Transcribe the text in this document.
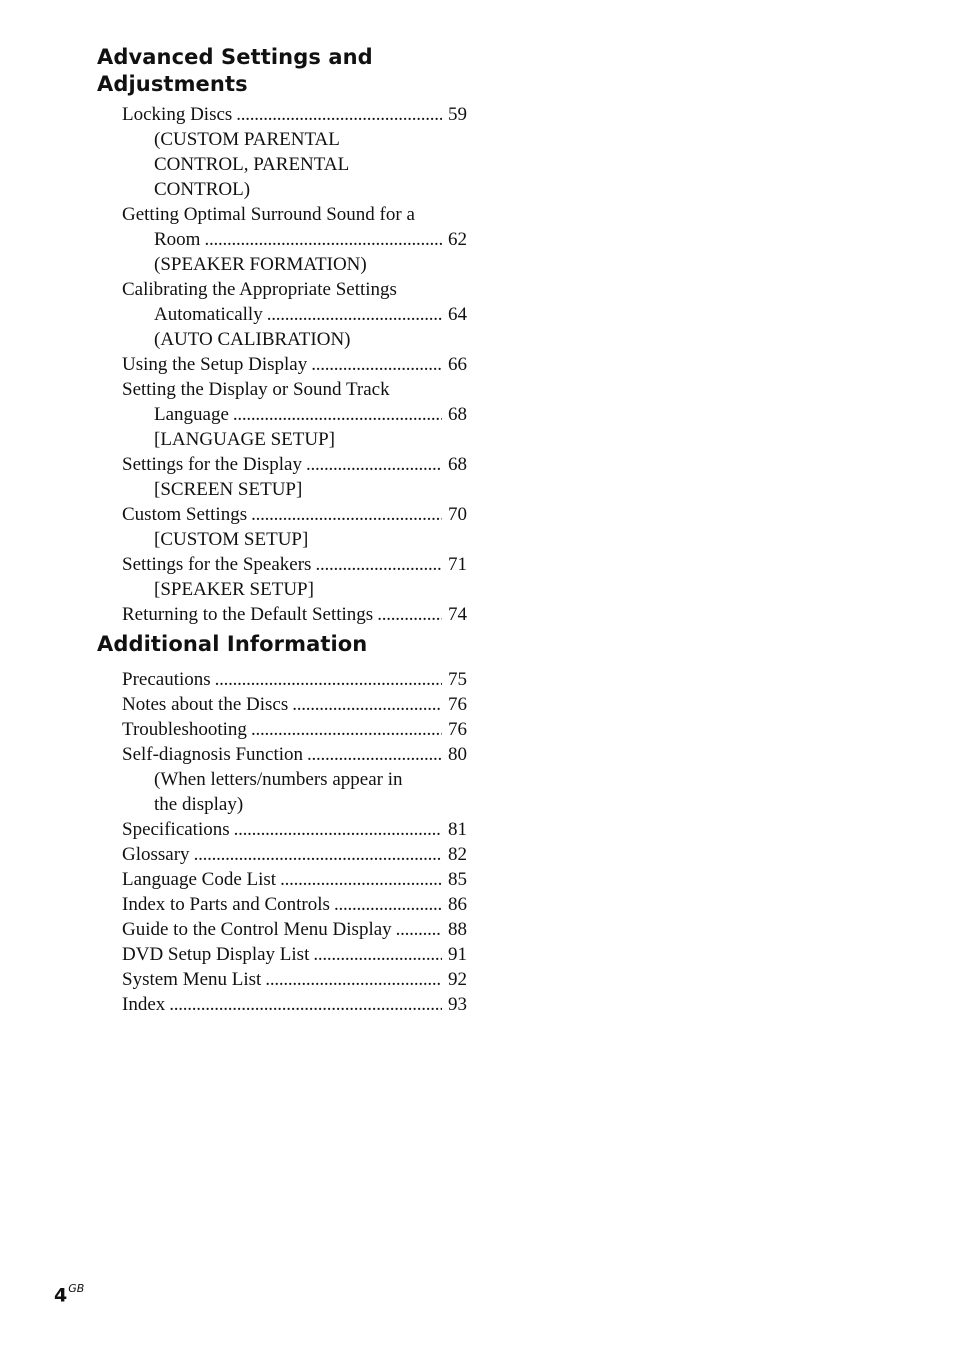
Advanced Settings and
Adjustments
Locking Discs . . .	59
(CUSTOM PARENTAL
CONTROL, PARENTAL
CONTROL)
Getting Optimal Surround Sound for a
Room . . .	62
(SPEAKER FORMATION)
Calibrating the Appropriate Settings
Automatically . . .	64
(AUTO CALIBRATION)
Using the Setup Display . . .	66
Setting the Display or Sound Track
Language . . .	68
[LANGUAGE SETUP]
Settings for the Display . . .	68
[SCREEN SETUP]
Custom Settings . . .	70
[CUSTOM SETUP]
Settings for the Speakers . . .	71
[SPEAKER SETUP]
Returning to the Default Settings . . .	74
Additional Information
Precautions . . .	75
Notes about the Discs . . .	76
Troubleshooting . . .	76
Self-diagnosis Function . . .	80
(When letters/numbers appear in
the display)
Specifications . . .	81
Glossary . . .	82
Language Code List . . .	85
Index to Parts and Controls . . .	86
Guide to the Control Menu Display . . .	88
DVD Setup Display List . . .	91
System Menu List . . .	92
Index . . .	93
$4^{GB}$
